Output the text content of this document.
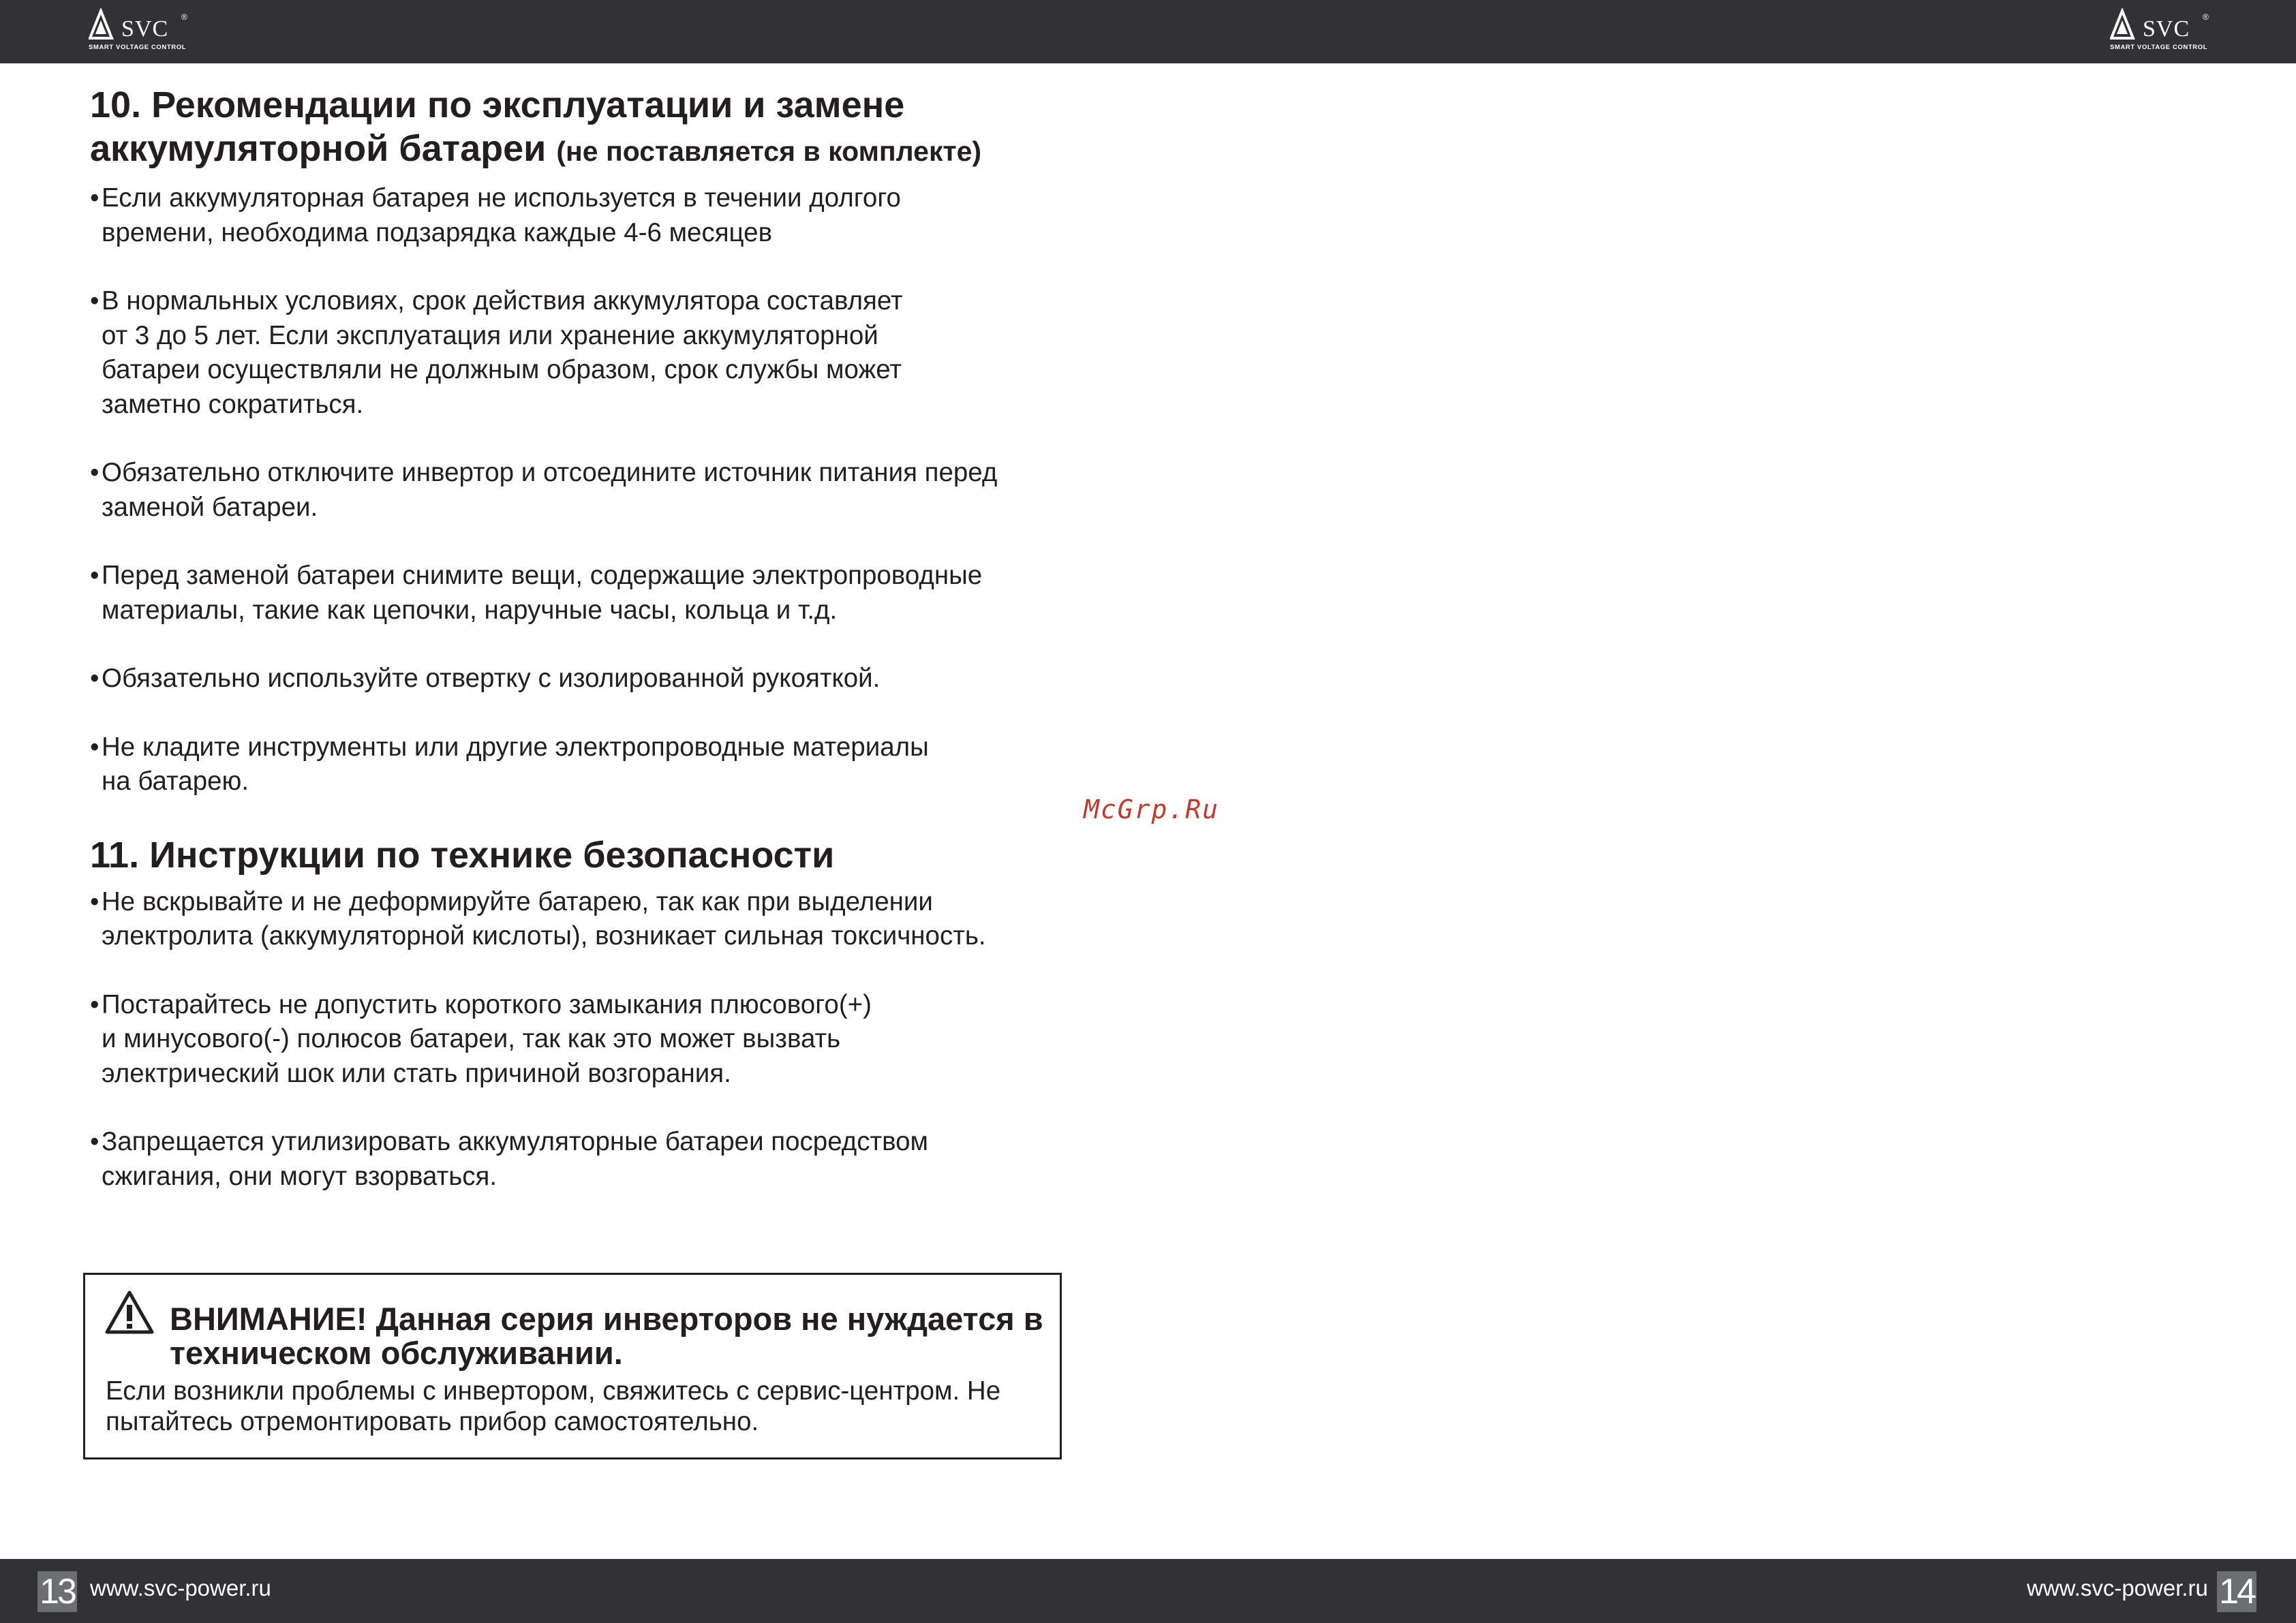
SVC ®
SMART VOLTAGE CONTROL
SVC ®
SMART VOLTAGE CONTROL
10. Рекомендации по эксплуатации и замене аккумуляторной батареи (не поставляется в комплекте)
• Если аккумуляторная батарея не используется в течении долгого
времени, необходима подзарядка каждые 4-6 месяцев
• В нормальных условиях, срок действия аккумулятора составляет
от 3 до 5 лет. Если эксплуатация или хранение аккумуляторной
батареи осуществляли не должным образом, срок службы может
заметно сократиться.
• Обязательно отключите инвертор и отсоедините источник питания перед
заменой батареи.
• Перед заменой батареи снимите вещи, содержащие электропроводные
материалы, такие как цепочки, наручные часы, кольца и т.д.
• Обязательно используйте отвертку с изолированной рукояткой.
• Не кладите инструменты или другие электропроводные материалы
на батарею.
11. Инструкции по технике безопасности
• Не вскрывайте и не деформируйте батарею, так как при выделении
электролита (аккумуляторной кислоты), возникает сильная токсичность.
• Постарайтесь не допустить короткого замыкания плюсового(+)
и минусового(-) полюсов батареи, так как это может вызвать
электрический шок или стать причиной возгорания.
• Запрещается утилизировать аккумуляторные батареи посредством
сжигания, они могут взорваться.
McGrp.Ru
ВНИМАНИЕ! Данная серия инверторов не нуждается в техническом обслуживании.
Если возникли проблемы с инвертором, свяжитесь с сервис-центром. Не пытайтесь отремонтировать прибор самостоятельно.
13 www.svc-power.ru	www.svc-power.ru 14
